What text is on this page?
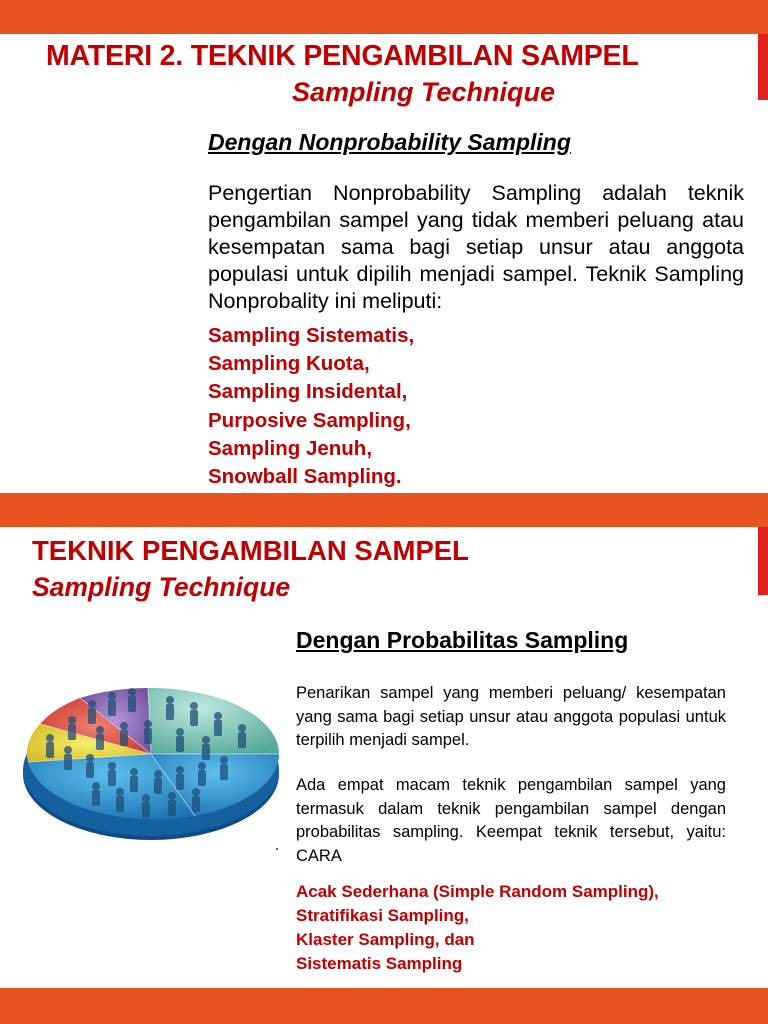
MATERI 2. TEKNIK PENGAMBILAN SAMPEL
Sampling Technique
Dengan Nonprobability Sampling

Pengertian Nonprobability Sampling adalah teknik pengambilan sampel yang tidak memberi peluang atau kesempatan sama bagi setiap unsur atau anggota populasi untuk dipilih menjadi sampel. Teknik Sampling Nonprobality ini meliputi:

Sampling Sistematis,
Sampling Kuota,
Sampling Insidental,
Purposive Sampling,
Sampling Jenuh,
Snowball Sampling.
TEKNIK PENGAMBILAN SAMPEL
Sampling Technique
Dengan Probabilitas Sampling

Penarikan sampel yang memberi peluang/ kesempatan yang sama bagi setiap unsur atau anggota populasi untuk terpilih menjadi sampel.

Ada empat macam teknik pengambilan sampel yang termasuk dalam teknik pengambilan sampel dengan probabilitas sampling. Keempat teknik tersebut, yaitu: CARA

Acak Sederhana (Simple Random Sampling),
Stratifikasi Sampling,
Klaster Sampling, dan
Sistematis Sampling
